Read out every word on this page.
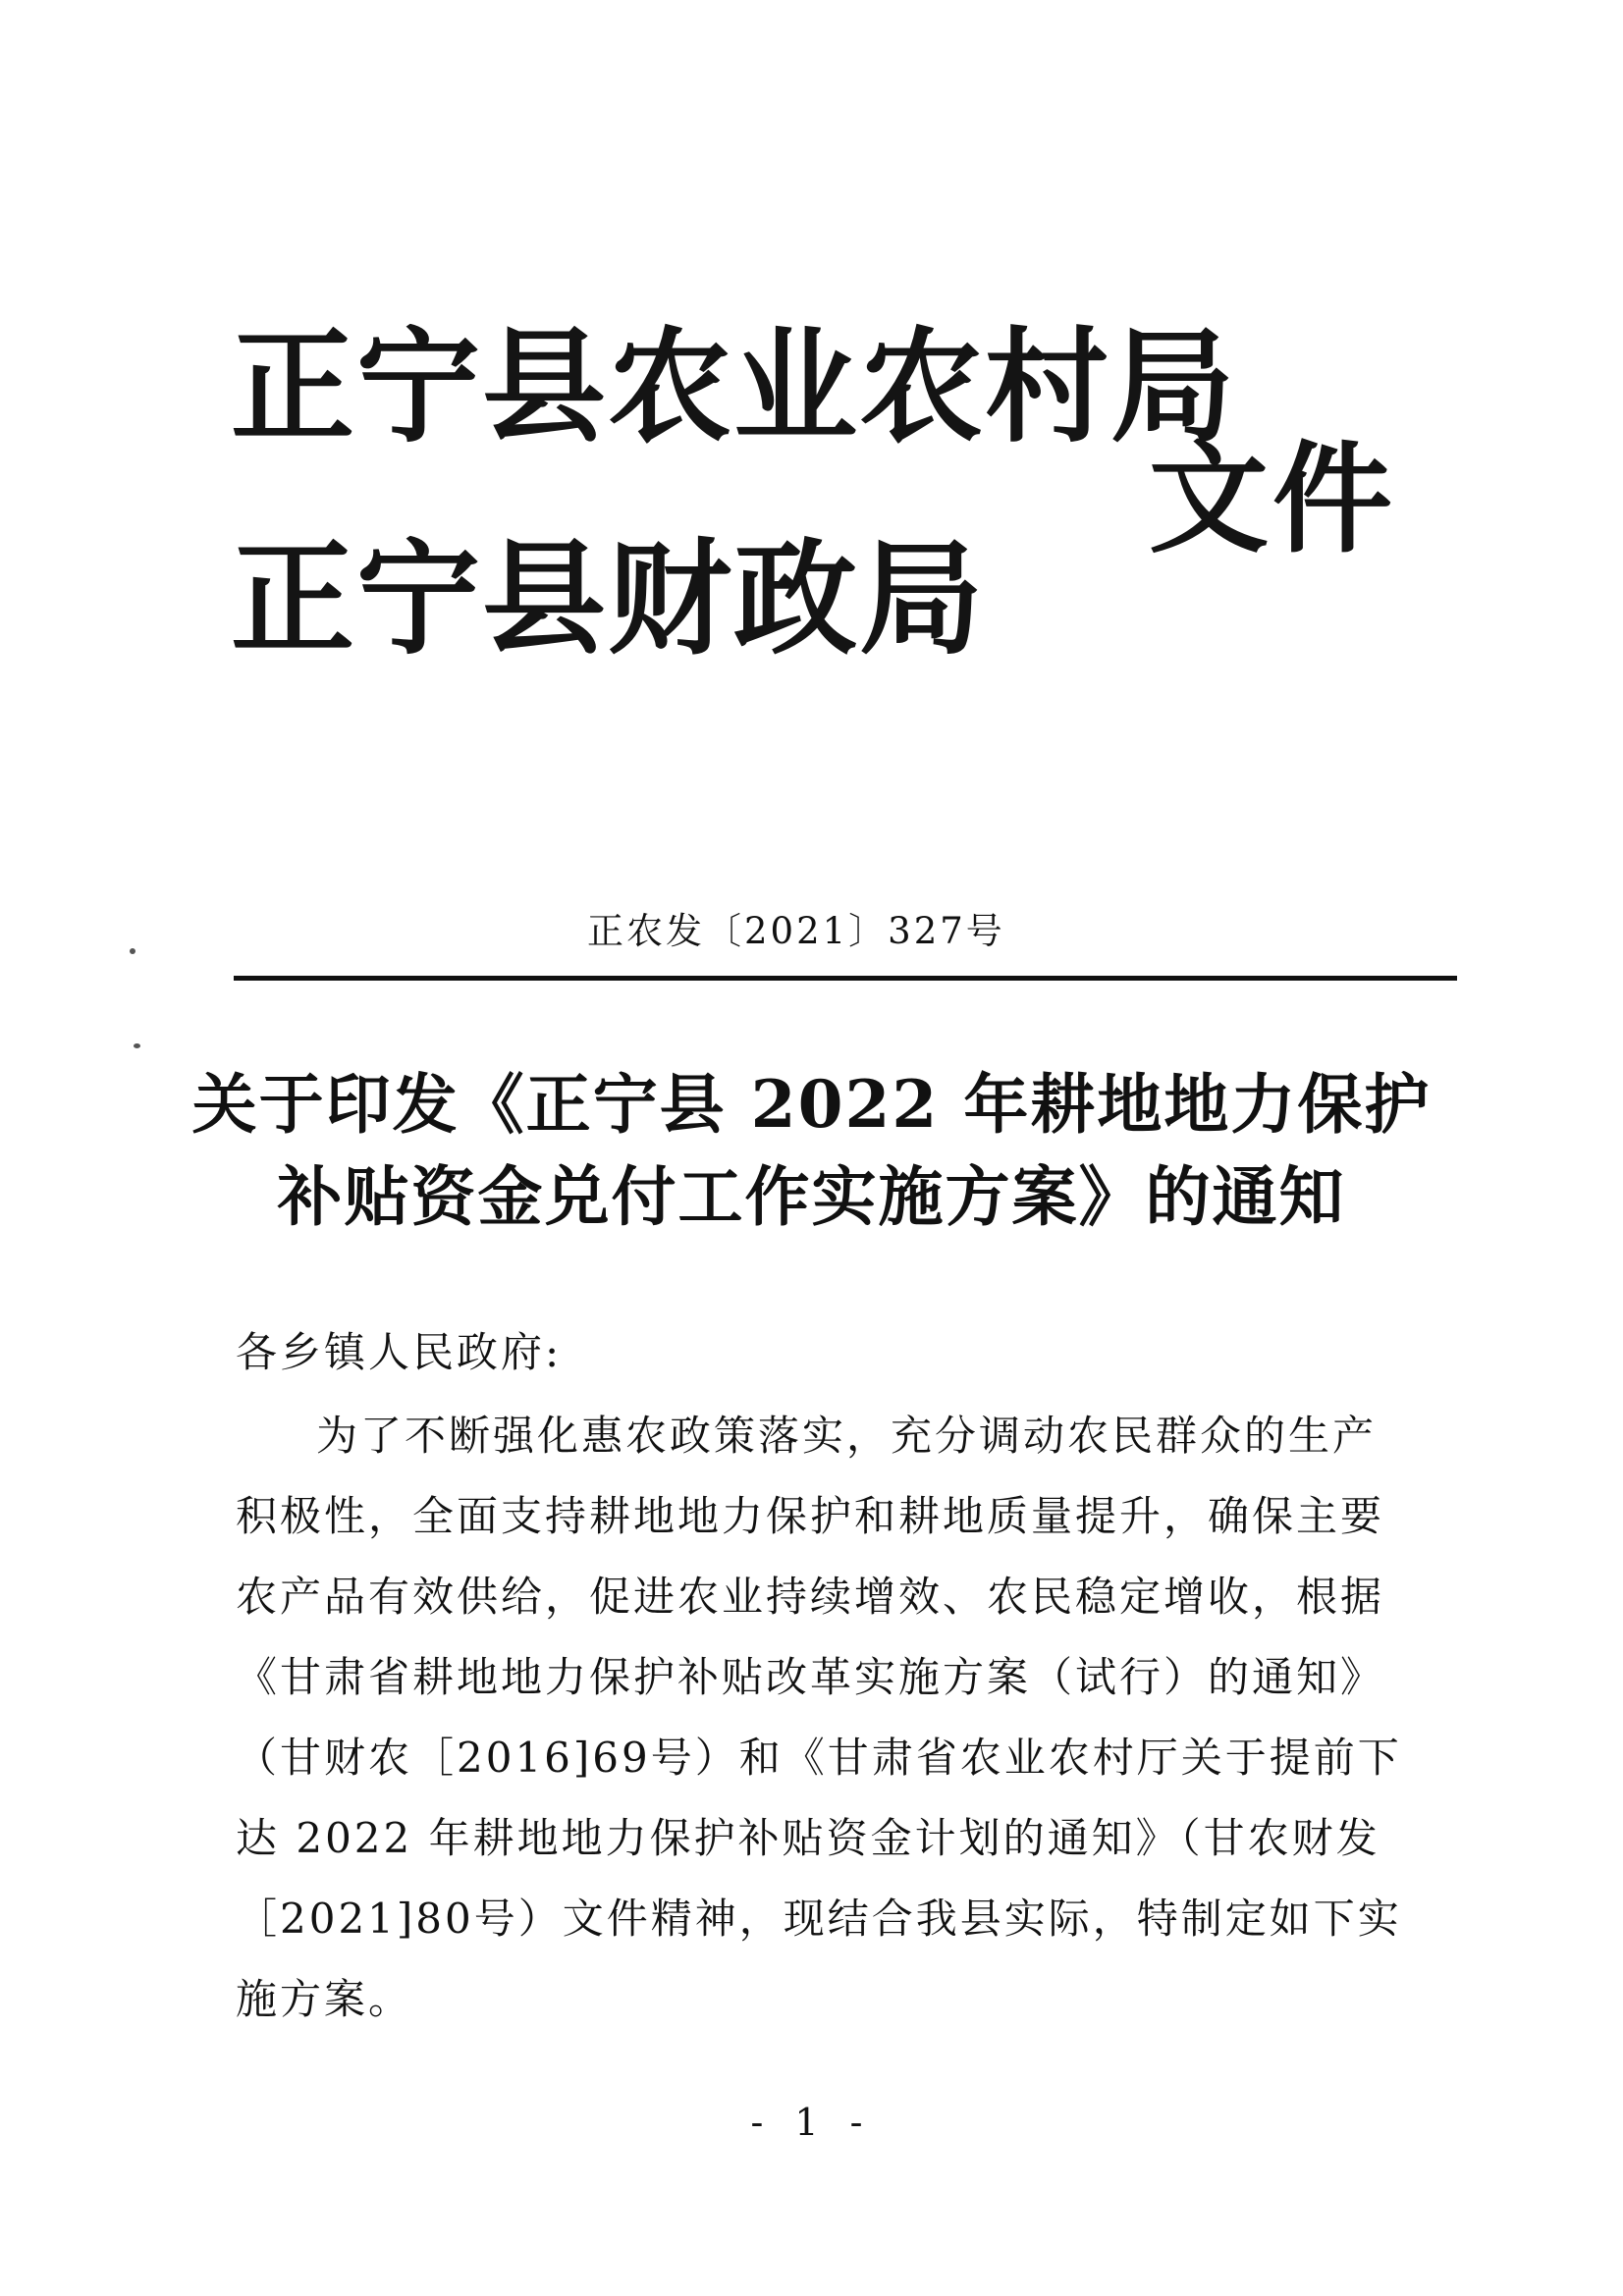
正宁县农业农村局
正宁县财政局
文件
正农发〔2021〕327号
关于印发《正宁县 2022 年耕地地力保护
补贴资金兑付工作实施方案》的通知
各乡镇人民政府:
为了不断强化惠农政策落实，充分调动农民群众的生产
积极性，全面支持耕地地力保护和耕地质量提升，确保主要
农产品有效供给，促进农业持续增效、农民稳定增收，根据
《甘肃省耕地地力保护补贴改革实施方案（试行）的通知》
（甘财农［2016]69号）和《甘肃省农业农村厅关于提前下
达 2022 年耕地地力保护补贴资金计划的通知》（甘农财发
［2021]80号）文件精神，现结合我县实际，特制定如下实
施方案。
- 1 -
